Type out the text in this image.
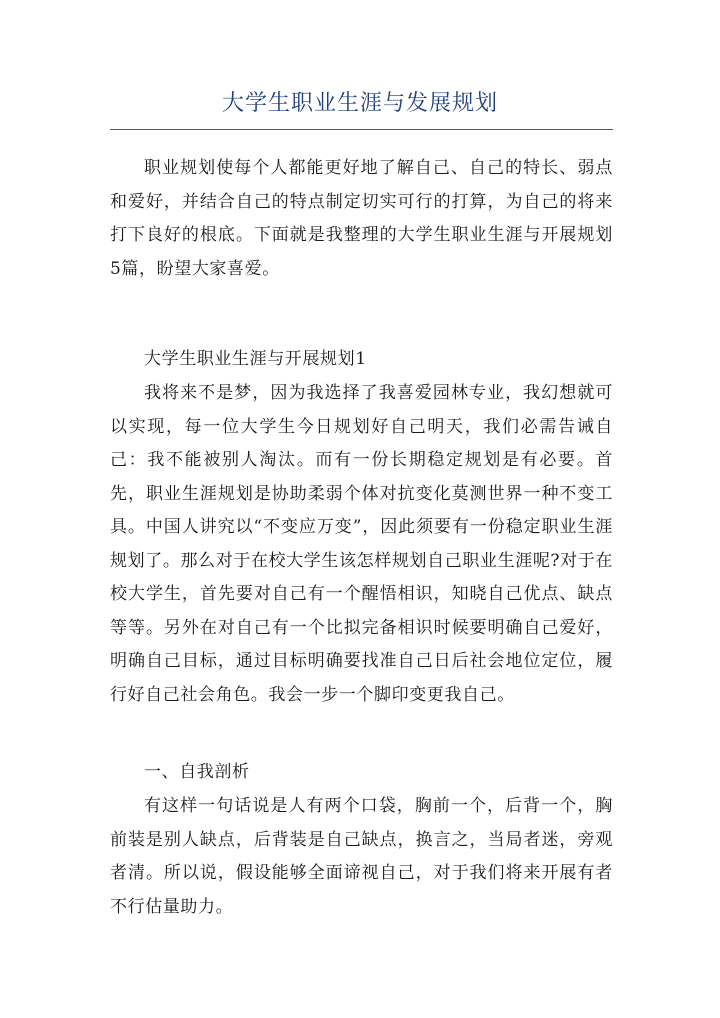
大学生职业生涯与发展规划

职业规划使每个人都能更好地了解自己、自己的特长、弱点和爱好，并结合自己的特点制定切实可行的打算，为自己的将来打下良好的根底。下面就是我整理的大学生职业生涯与开展规划5篇，盼望大家喜爱。

大学生职业生涯与开展规划1

我将来不是梦，因为我选择了我喜爱园林专业，我幻想就可以实现，每一位大学生今日规划好自己明天，我们必需告诫自己：我不能被别人淘汰。而有一份长期稳定规划是有必要。首先，职业生涯规划是协助柔弱个体对抗变化莫测世界一种不变工具。中国人讲究以“不变应万变”，因此须要有一份稳定职业生涯规划了。那么对于在校大学生该怎样规划自己职业生涯呢?对于在校大学生，首先要对自己有一个醒悟相识，知晓自己优点、缺点等等。另外在对自己有一个比拟完备相识时候要明确自己爱好，明确自己目标，通过目标明确要找准自己日后社会地位定位，履行好自己社会角色。我会一步一个脚印变更我自己。

一、自我剖析

有这样一句话说是人有两个口袋，胸前一个，后背一个，胸前装是别人缺点，后背装是自己缺点，换言之，当局者迷，旁观者清。所以说，假设能够全面谛视自己，对于我们将来开展有者不行估量助力。
